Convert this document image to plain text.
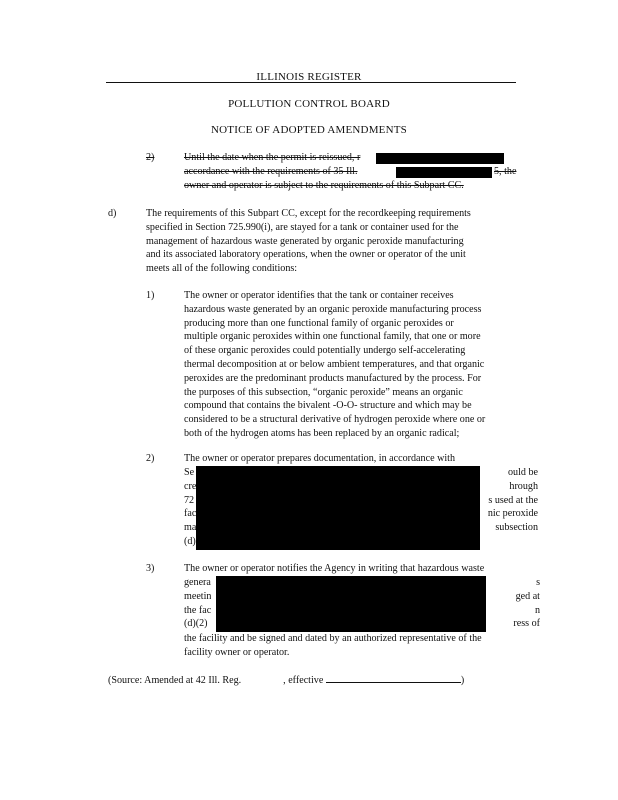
ILLINOIS REGISTER
POLLUTION CONTROL BOARD
NOTICE OF ADOPTED AMENDMENTS
2)	Until the date when the permit is reissued, r
accordance with the requirements of 35 Ill.
owner and operator is subject to the requirements of this Subpart CC.
5, the
d)	The requirements of this Subpart CC, except for the recordkeeping requirements
specified in Section 725.990(i), are stayed for a tank or container used for the
management of hazardous waste generated by organic peroxide manufacturing
and its associated laboratory operations, when the owner or operator of the unit
meets all of the following conditions:
1)	The owner or operator identifies that the tank or container receives
hazardous waste generated by an organic peroxide manufacturing process
producing more than one functional family of organic peroxides or
multiple organic peroxides within one functional family, that one or more
of these organic peroxides could potentially undergo self-accelerating
thermal decomposition at or below ambient temperatures, and that organic
peroxides are the predominant products manufactured by the process. For
the purposes of this subsection, “organic peroxide” means an organic
compound that contains the bivalent -O-O- structure and which may be
considered to be a structural derivative of hydrogen peroxide where one or
both of the hydrogen atoms has been replaced by an organic radical;
2)	The owner or operator prepares documentation, in accordance with
Se
cre
72
fac
ma
(d)
ould be
hrough
s used at the
nic peroxide
subsection
3)	The owner or operator notifies the Agency in writing that hazardous waste
genera
meetin
the fac
(d)(2)
s
ged at
n
ress of
the facility and be signed and dated by an authorized representative of the
facility owner or operator.
(Source: Amended at 42 Ill. Reg.	, effective	)
